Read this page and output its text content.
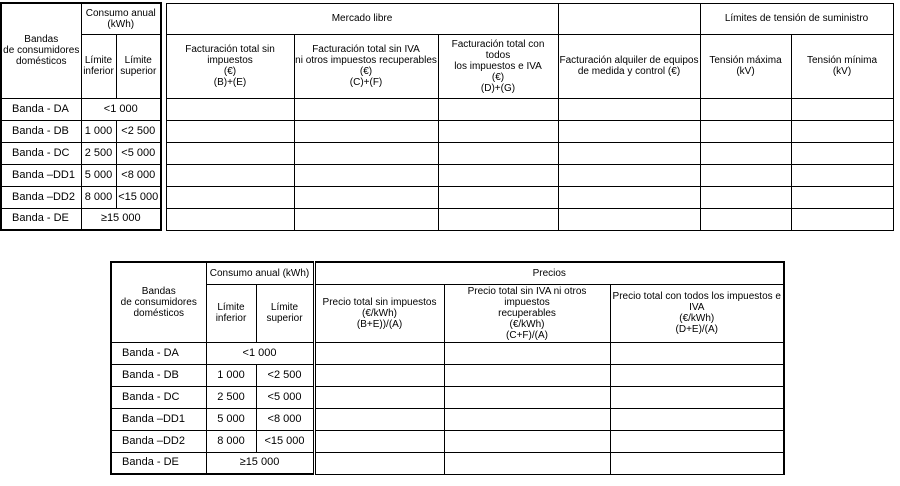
Bandas
de consumidores
domésticos	Consumo anual
(kWh)			Mercado libre				Límites de tensión de suministro	
	Límite
inferior	Límite
superior		Facturación total sin impuestos
(€)
(B)+(E)	Facturación total sin IVA
ni otros impuestos recuperables
(€)
(C)+(F)	Facturación total con todos
los impuestos e IVA
(€)
(D)+(G)	Facturación alquiler de equipos
de medida y control (€)	Tensión máxima
(kV)	Tensión mínima
(kV)
Banda - DA	<1 000								
Banda - DB	1 000	<2 500							
Banda - DC	2 500	<5 000							
Banda –DD1	5 000	<8 000							
Banda –DD2	8 000	<15 000							
Banda - DE	≥15 000								
Bandas
de consumidores
domésticos	Consumo anual (kWh)		Precios		
	Límite
inferior	Límite
superior	Precio total sin impuestos
(€/kWh)
(B+E))/(A)	Precio total sin IVA ni otros impuestos
recuperables
(€/kWh)
(C+F)/(A)	Precio total con todos los impuestos e IVA
(€/kWh)
(D+E)/(A)
Banda - DA	<1 000				
Banda - DB	1 000	<2 500			
Banda - DC	2 500	<5 000			
Banda –DD1	5 000	<8 000			
Banda –DD2	8 000	<15 000			
Banda - DE	≥15 000				
